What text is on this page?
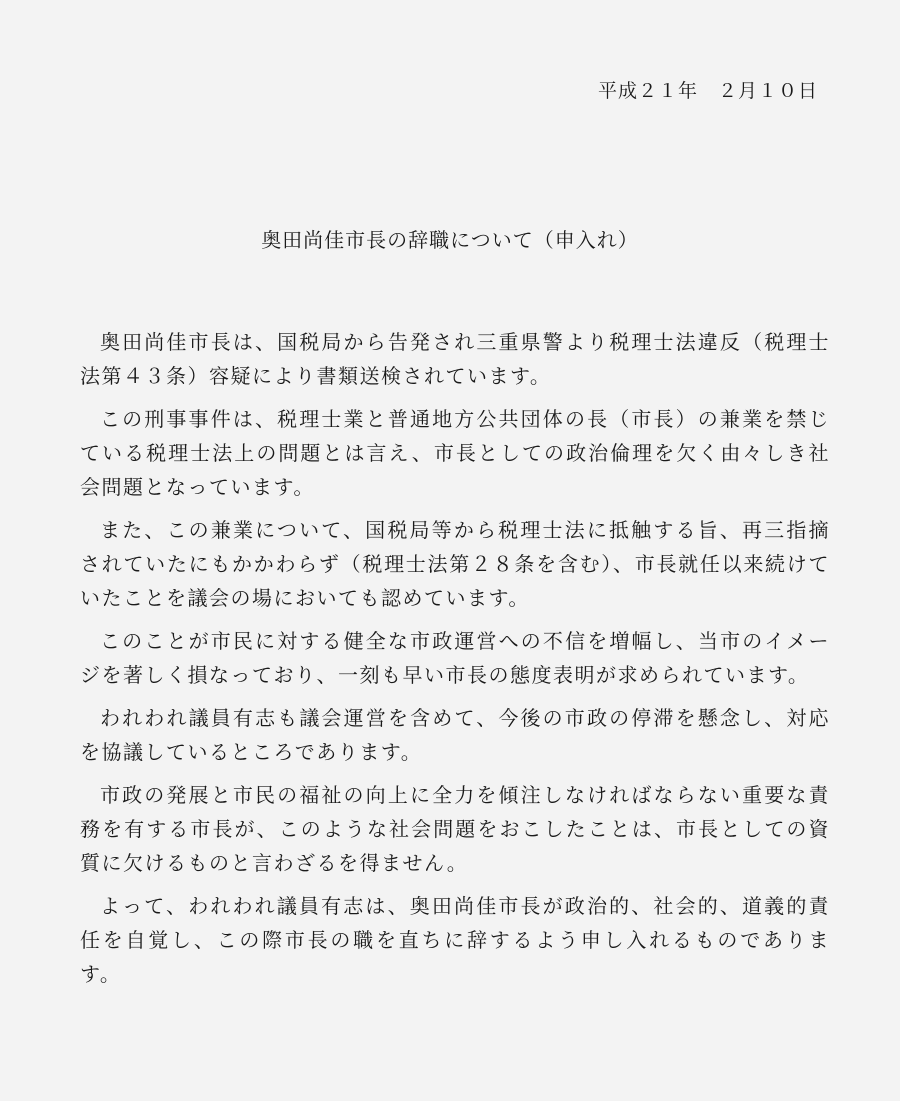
平成２１年　２月１０日
奥田尚佳市長の辞職について（申入れ）

奥田尚佳市長は、国税局から告発され三重県警より税理士法違反（税理士法第４３条）容疑により書類送検されています。

この刑事事件は、税理士業と普通地方公共団体の長（市長）の兼業を禁じている税理士法上の問題とは言え、市長としての政治倫理を欠く由々しき社会問題となっています。

また、この兼業について、国税局等から税理士法に抵触する旨、再三指摘されていたにもかかわらず（税理士法第２８条を含む）、市長就任以来続けていたことを議会の場においても認めています。

このことが市民に対する健全な市政運営への不信を増幅し、当市のイメージを著しく損なっており、一刻も早い市長の態度表明が求められています。

われわれ議員有志も議会運営を含めて、今後の市政の停滞を懸念し、対応を協議しているところであります。

市政の発展と市民の福祉の向上に全力を傾注しなければならない重要な責務を有する市長が、このような社会問題をおこしたことは、市長としての資質に欠けるものと言わざるを得ません。

よって、われわれ議員有志は、奥田尚佳市長が政治的、社会的、道義的責任を自覚し、この際市長の職を直ちに辞するよう申し入れるものであります。
